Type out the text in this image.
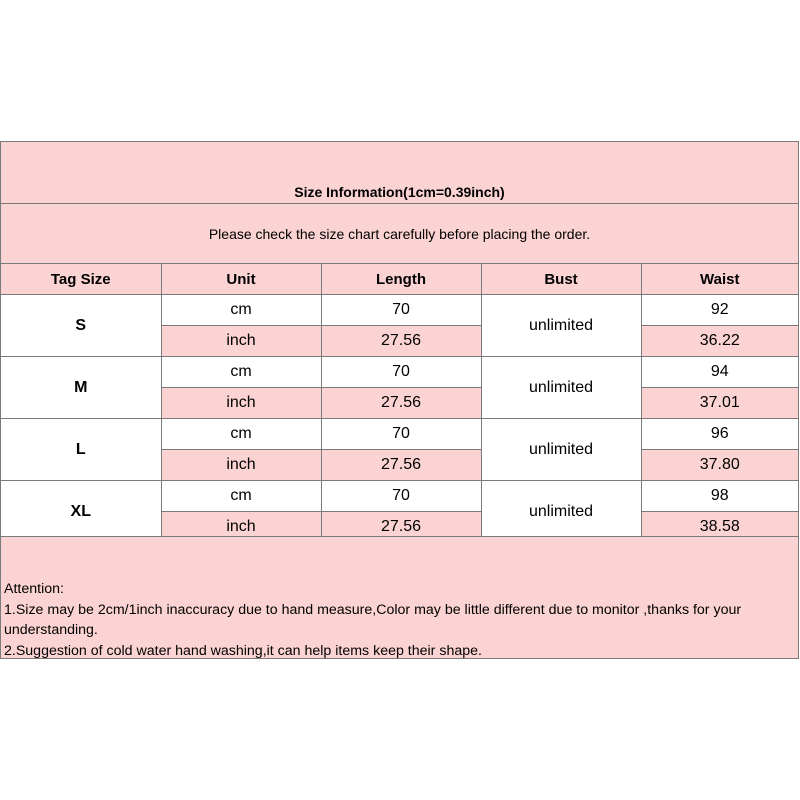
Size Information(1cm=0.39inch)
Please check the size chart carefully before placing the order.
Tag Size	Unit	Length	Bust	Waist
S	cm	70	unlimited	92
	inch	27.56		36.22
M	cm	70	unlimited	94
	inch	27.56		37.01
L	cm	70	unlimited	96
	inch	27.56		37.80
XL	cm	70	unlimited	98
	inch	27.56		38.58
Attention:
1.Size may be 2cm/1inch inaccuracy due to hand measure,Color may be little different due to monitor ,thanks for your understanding.
2.Suggestion of cold water hand washing,it can help items keep their shape.
